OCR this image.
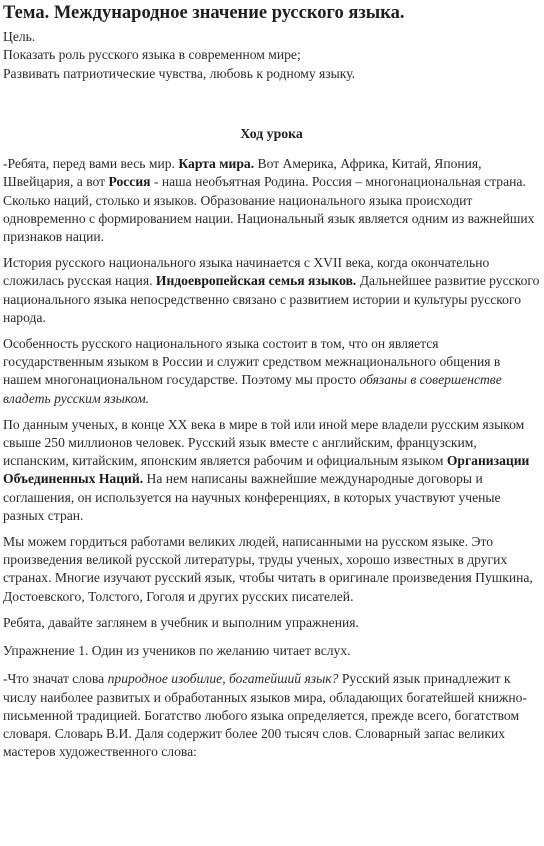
Тема. Международное значение русского языка.

Цель.

Показать роль русского языка в современном мире;

Развивать патриотические чувства, любовь к родному языку.

Ход урока

-Ребята, перед вами весь мир. Карта мира. Вот Америка, Африка, Китай, Япония, Швейцария, а вот Россия - наша необъятная Родина. Россия – многонациональная страна. Сколько наций, столько и языков. Образование национального языка происходит одновременно с формированием нации. Национальный язык является одним из важнейших признаков нации.

История русского национального языка начинается с XVII века, когда окончательно сложилась русская нация. Индоевропейская семья языков. Дальнейшее развитие русского национального языка непосредственно связано с развитием истории и культуры русского народа.

Особенность русского национального языка состоит в том, что он является государственным языком в России и служит средством межнационального общения в нашем многонациональном государстве. Поэтому мы просто обязаны в совершенстве владеть русским языком.

По данным ученых, в конце XX века в мире в той или иной мере владели русским языком свыше 250 миллионов человек. Русский язык вместе с английским, французским, испанским, китайским, японским является рабочим и официальным языком Организации Объединенных Наций. На нем написаны важнейшие международные договоры и соглашения, он используется на научных конференциях, в которых участвуют ученые разных стран.

Мы можем гордиться работами великих людей, написанными на русском языке. Это произведения великой русской литературы, труды ученых, хорошо известных в других странах. Многие изучают русский язык, чтобы читать в оригинале произведения Пушкина, Достоевского, Толстого, Гоголя и других русских писателей.

Ребята, давайте заглянем в учебник и выполним упражнения.

Упражнение 1. Один из учеников по желанию читает вслух.

-Что значат слова природное изобилие, богатейший язык? Русский язык принадлежит к числу наиболее развитых и обработанных языков мира, обладающих богатейшей книжно-письменной традицией. Богатство любого языка определяется, прежде всего, богатством словаря. Словарь В.И. Даля содержит более 200 тысяч слов. Словарный запас великих мастеров художественного слова:
